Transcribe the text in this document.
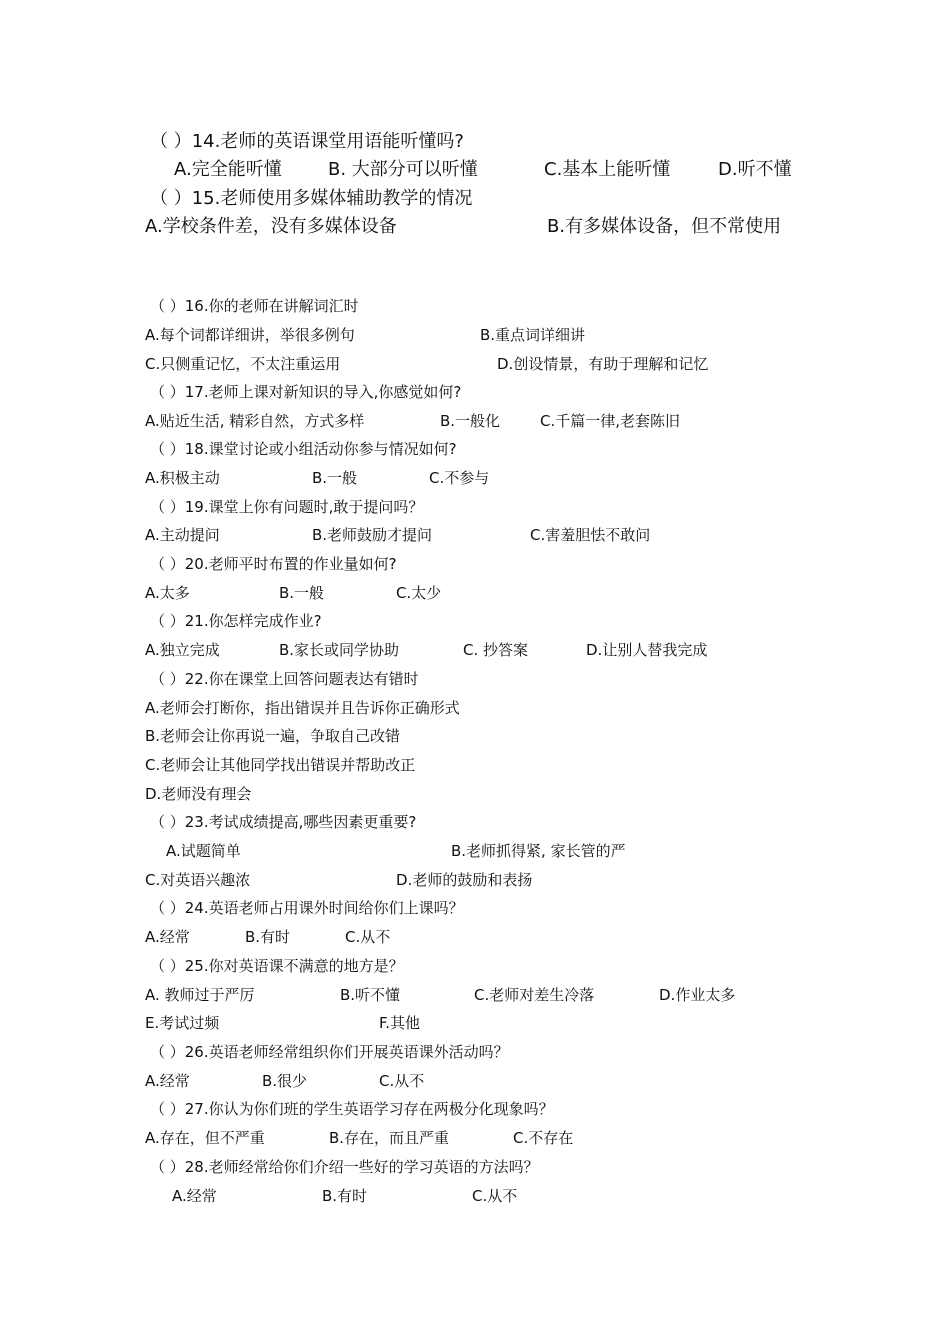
（ ）14.老师的英语课堂用语能听懂吗?
A.完全能听懂	B. 大部分可以听懂	C.基本上能听懂	D.听不懂
（ ）15.老师使用多媒体辅助教学的情况
A.学校条件差，没有多媒体设备	B.有多媒体设备，但不常使用
（ ）16.你的老师在讲解词汇时
A.每个词都详细讲，举很多例句	B.重点词详细讲
C.只侧重记忆，不太注重运用	D.创设情景，有助于理解和记忆
（ ）17.老师上课对新知识的导入,你感觉如何?
A.贴近生活, 精彩自然，方式多样	B.一般化	C.千篇一律,老套陈旧
（ ）18.课堂讨论或小组活动你参与情况如何?
A.积极主动	B.一般	C.不参与
（ ）19.课堂上你有问题时,敢于提问吗？
A.主动提问	B.老师鼓励才提问	C.害羞胆怯不敢问
（ ）20.老师平时布置的作业量如何?
A.太多	B.一般	C.太少
（ ）21.你怎样完成作业?
A.独立完成	B.家长或同学协助	C. 抄答案	D.让别人替我完成
（ ）22.你在课堂上回答问题表达有错时
A.老师会打断你，指出错误并且告诉你正确形式
B.老师会让你再说一遍，争取自己改错
C.老师会让其他同学找出错误并帮助改正
D.老师没有理会
（ ）23.考试成绩提高,哪些因素更重要?
A.试题简单	B.老师抓得紧, 家长管的严
C.对英语兴趣浓	D.老师的鼓励和表扬
（ ）24.英语老师占用课外时间给你们上课吗？
A.经常	B.有时	C.从不
（ ）25.你对英语课不满意的地方是？
A. 教师过于严厉	B.听不懂	C.老师对差生冷落	D.作业太多
E.考试过频	F.其他
（ ）26.英语老师经常组织你们开展英语课外活动吗？
A.经常	B.很少	C.从不
（ ）27.你认为你们班的学生英语学习存在两极分化现象吗？
A.存在，但不严重	B.存在，而且严重	C.不存在
（ ）28.老师经常给你们介绍一些好的学习英语的方法吗？
A.经常	B.有时	C.从不
